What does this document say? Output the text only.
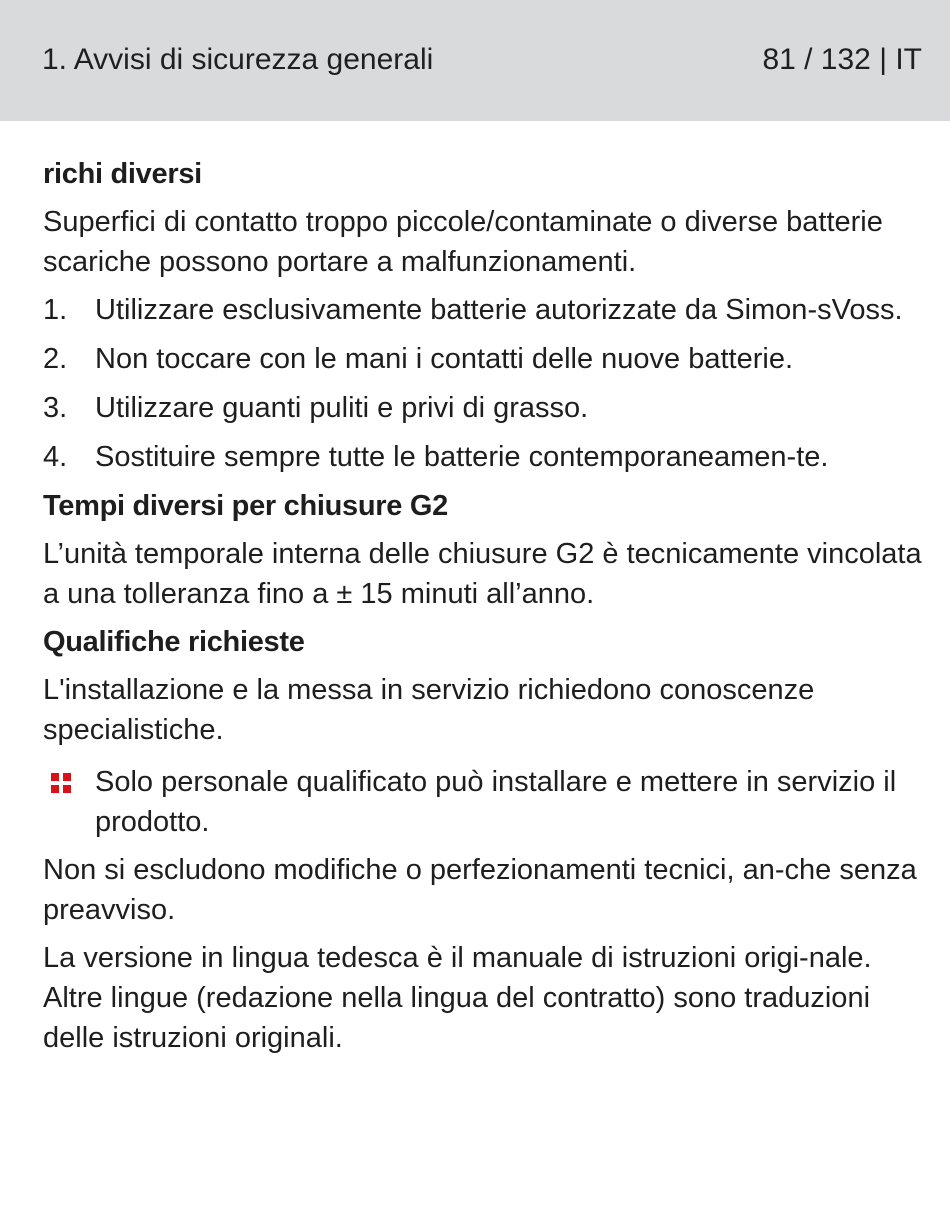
1. Avvisi di sicurezza generali	81 / 132 | IT
richi diversi
Superfici di contatto troppo piccole/contaminate o diverse batterie scariche possono portare a malfunzionamenti.
1. Utilizzare esclusivamente batterie autorizzate da Simon-sVoss.
2. Non toccare con le mani i contatti delle nuove batterie.
3. Utilizzare guanti puliti e privi di grasso.
4. Sostituire sempre tutte le batterie contemporaneamen-te.
Tempi diversi per chiusure G2
L’unità temporale interna delle chiusure G2 è tecnicamente vincolata a una tolleranza fino a ± 15 minuti all’anno.
Qualifiche richieste
L'installazione e la messa in servizio richiedono conoscenze specialistiche.
Solo personale qualificato può installare e mettere in servizio il prodotto.
Non si escludono modifiche o perfezionamenti tecnici, an-che senza preavviso.
La versione in lingua tedesca è il manuale di istruzioni origi-nale. Altre lingue (redazione nella lingua del contratto) sono traduzioni delle istruzioni originali.
